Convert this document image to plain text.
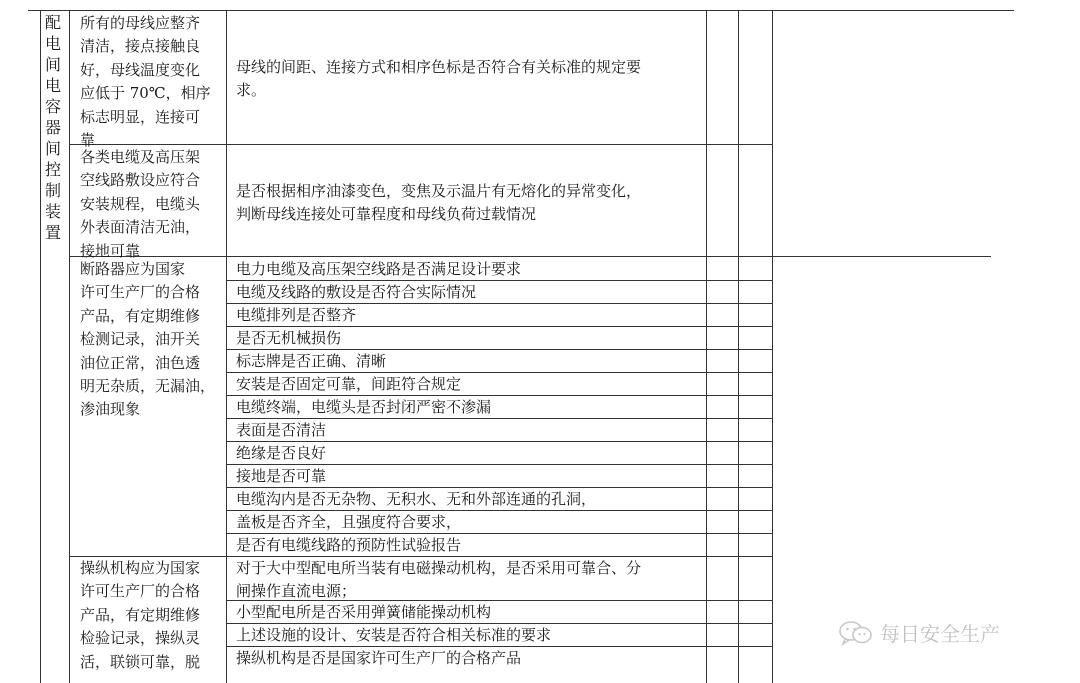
配
电
间
电
容
器
间
控
制
装
置
所有的母线应整齐
清洁，接点接触良
好，母线温度变化
应低于 70℃，相序
标志明显，连接可
靠
母线的间距、连接方式和相序色标是否符合有关标准的规定要
求。
各类电缆及高压架
空线路敷设应符合
安装规程，电缆头
外表面清洁无油，
接地可靠
是否根据相序油漆变色，变焦及示温片有无熔化的异常变化，
判断母线连接处可靠程度和母线负荷过载情况
断路器应为国家
许可生产厂的合格
产品，有定期维修
检测记录，油开关
油位正常，油色透
明无杂质，无漏油，
渗油现象
电力电缆及高压架空线路是否满足设计要求
电缆及线路的敷设是否符合实际情况
电缆排列是否整齐
是否无机械损伤
标志牌是否正确、清晰
安装是否固定可靠，间距符合规定
电缆终端，电缆头是否封闭严密不渗漏
表面是否清洁
绝缘是否良好
接地是否可靠
电缆沟内是否无杂物、无积水、无和外部连通的孔洞，
盖板是否齐全，且强度符合要求，
是否有电缆线路的预防性试验报告
操纵机构应为国家
许可生产厂的合格
产品，有定期维修
检验记录，操纵灵
活，联锁可靠，脱
对于大中型配电所当装有电磁操动机构，是否采用可靠合、分
闸操作直流电源；
小型配电所是否采用弹簧储能操动机构
上述设施的设计、安装是否符合相关标准的要求
操纵机构是否是国家许可生产厂的合格产品
每日安全生产
